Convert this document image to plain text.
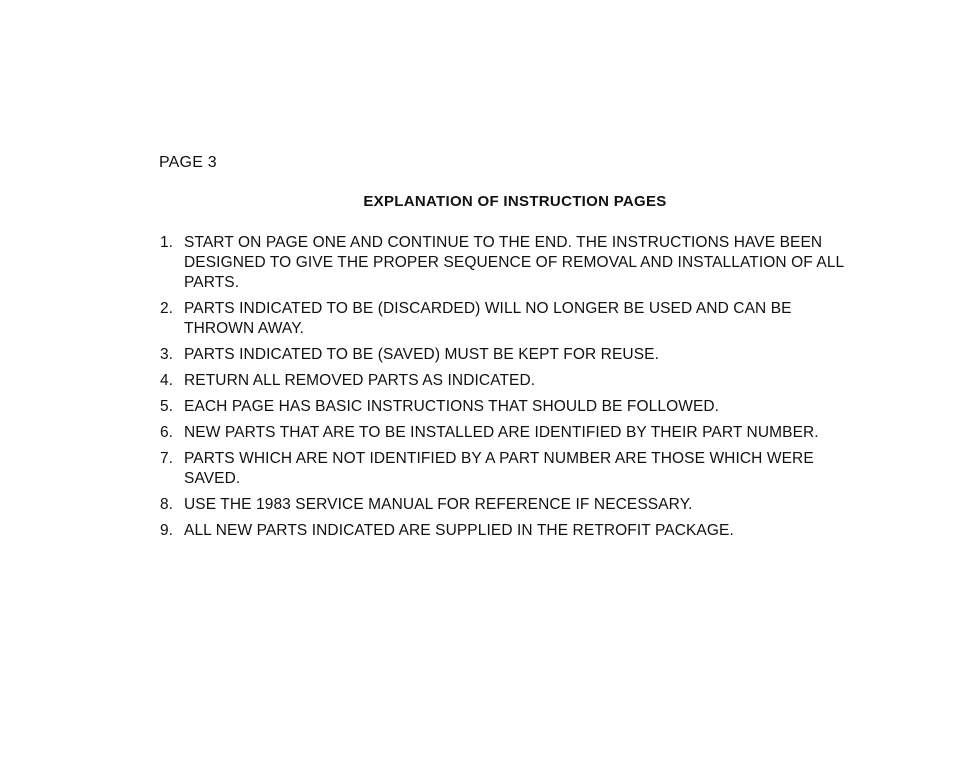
PAGE 3
EXPLANATION OF INSTRUCTION PAGES
1. START ON PAGE ONE AND CONTINUE TO THE END. THE INSTRUCTIONS HAVE BEEN DESIGNED TO GIVE THE PROPER SEQUENCE OF REMOVAL AND INSTALLATION OF ALL PARTS.
2. PARTS INDICATED TO BE (DISCARDED) WILL NO LONGER BE USED AND CAN BE THROWN AWAY.
3. PARTS INDICATED TO BE (SAVED) MUST BE KEPT FOR REUSE.
4. RETURN ALL REMOVED PARTS AS INDICATED.
5. EACH PAGE HAS BASIC INSTRUCTIONS THAT SHOULD BE FOLLOWED.
6. NEW PARTS THAT ARE TO BE INSTALLED ARE IDENTIFIED BY THEIR PART NUMBER.
7. PARTS WHICH ARE NOT IDENTIFIED BY A PART NUMBER ARE THOSE WHICH WERE SAVED.
8. USE THE 1983 SERVICE MANUAL FOR REFERENCE IF NECESSARY.
9. ALL NEW PARTS INDICATED ARE SUPPLIED IN THE RETROFIT PACKAGE.
